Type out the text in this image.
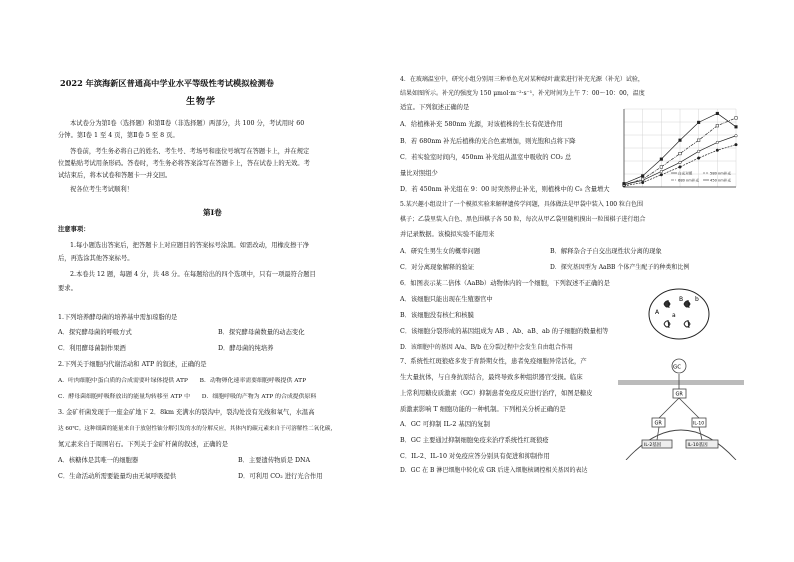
2022 年滨海新区普通高中学业水平等级性考试模拟检测卷
生物学
本试卷分为第Ⅰ卷（选择题）和第Ⅱ卷（非选择题）两部分，共 100 分，考试用时 60
分钟。第Ⅰ卷 1 至 4 页，第Ⅱ卷 5 至 8 页。
答卷前，考生务必将自己的姓名、考生号、考场号和座位号填写在答题卡上，并在规定
位置粘贴考试用条形码。答卷时，考生务必将答案涂写在答题卡上，答在试卷上的无效。考
试结束后，将本试卷和答题卡一并交回。
祝各位考生考试顺利！
第Ⅰ卷
注意事项：
1.每小题选出答案后，把答题卡上对应题目的答案标号涂黑。如需改动，用橡皮擦干净
后，再选涂其他答案标号。
2.本卷共 12 题，每题 4 分，共 48 分。在每题给出的四个选项中，只有一项最符合题目
要求。
1.下列培养酵母菌的培养基中需加琼脂的是
A．探究酵母菌的呼吸方式	B．探究酵母菌数量的动态变化
C．利用酵母菌制作果酒	D．酵母菌的纯培养
2.下列关于细胞内代谢活动和 ATP 的叙述，正确的是
A．叶肉细胞中蛋白质的合成需要叶绿体提供 ATP　　B．动物卵化速率需要细胞呼吸提供 ATP
C．酵母菌细胞呼吸释放出的能量均转移至 ATP 中　　D．细胞呼吸的产物为 ATP 的合成提供原料
3. 金矿杆菌发现于一座金矿地下 2．8km 充满水的裂沟中，裂沟处没有光线和氧气，水温高
达 60℃。这种细菌的能量来自于放射性铀分解引发的水的分解反应，其体内的碳元素来自于可溶解性二氧化碳，
氮元素来自于周围岩石。下列关于金矿杆菌的叙述，正确的是
A．核糖体是其唯一的细胞器	B．主要遗传物质是 DNA
C．生命活动所需要能量均由无氧呼吸提供	D．可利用 CO₂ 进行光合作用
4．在玻璃温室中，研究小组分别用三种单色光对某种绿叶蔬菜进行补充光源（补光）试验，
结果如图所示。补光的强度为 150 μmol·m⁻²·s⁻¹，补光时间为上午 7：00～10：00，温度
适宜。下列叙述正确的是
A．给植株补充 580nm 光源，对该植株的生长有促进作用
B．若 680nm 补光后植株的光合色素增加，则光饱和点将下降
C．若实验室时间内，450nm 补光组从温室中吸收的 CO₂ 总
量比对照组少
D．若 450nm 补光组在 9：00 时突然停止补光，则植株中的 C₅ 含量增大
5.某兴趣小组设计了一个模拟实验来解释遗传学问题，具体做法是甲袋中装入 100 粒白色围
棋子；乙袋里装入白色、黑色围棋子各 50 粒，每次从甲乙袋里随机摸出一粒围棋子进行组合
并记录数据。该模拟实验不能用来
A．研究生男生女的概率问题	B．解释杂合子自交出现性状分离的现象
C．对分离现象解释的验证	D．探究基因型为 AaBB 个体产生配子的种类和比例
6．如图表示某二倍体（AaBb）动物体内的一个细胞，下列叙述不正确的是
A．该细胞只能出现在生殖器官中
B．该细胞没有核仁和核膜
C．该细胞分裂形成的基因组成为 AB 、Ab、aB、ab 的子细胞的数量相等
D．该细胞中的基因 A/a、B/b 在分裂过程中会发生自由组合作用
7、系统性红斑狼疮多发于育龄期女性，患者免疫细胞异常活化，产
生大量抗体，与自身抗原结合，最终导致多种组织器官受损。临床
上常利用糖皮质激素（GC）抑制患者免疫反应进行治疗，如图是糖皮
质激素影响 T 细胞功能的一种机制。下列相关分析正确的是
A．GC 可抑制 IL-2 基因的复制
B．GC 主要通过抑制细胞免疫来治疗系统性红斑狼疮
C．IL-2、IL-10 对免疫应答分别具有促进和抑制作用
D．GC 在 B 淋巴细胞中转化成 GR 后进入细胞核调控相关基因的表达
白光对照	580 nm补光
680 nm补光	450 nm补光
A a
B b
GC
GR
GR	IL-10
IL-2基因	IL-10基因
